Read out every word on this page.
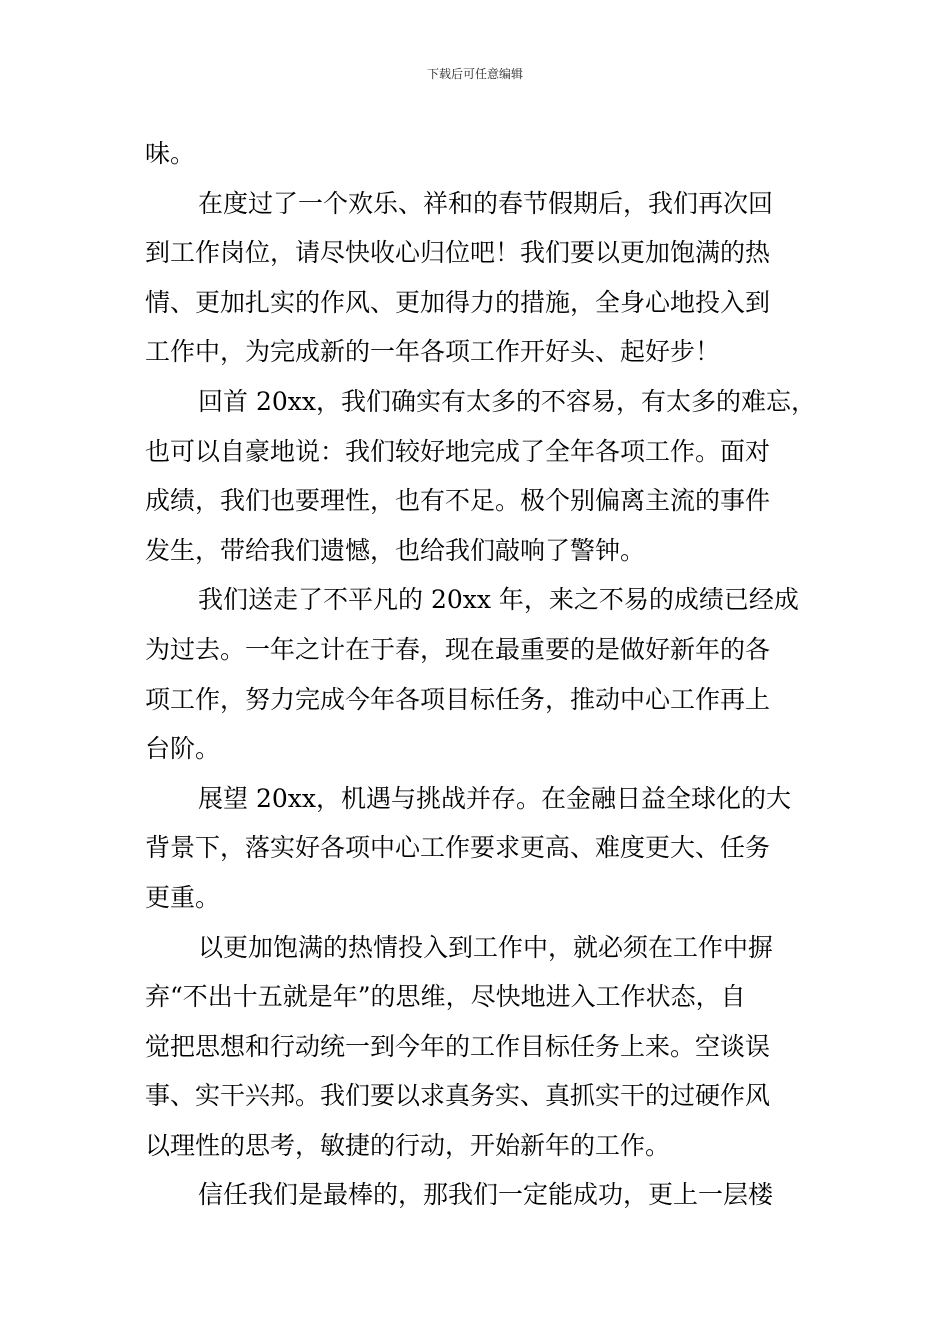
下载后可任意编辑
味。
在度过了一个欢乐、祥和的春节假期后，我们再次回
到工作岗位，请尽快收心归位吧！我们要以更加饱满的热
情、更加扎实的作风、更加得力的措施，全身心地投入到
工作中，为完成新的一年各项工作开好头、起好步！
回首 20xx，我们确实有太多的不容易，有太多的难忘，
也可以自豪地说：我们较好地完成了全年各项工作。面对
成绩，我们也要理性，也有不足。极个别偏离主流的事件
发生，带给我们遗憾，也给我们敲响了警钟。
我们送走了不平凡的 20xx 年，来之不易的成绩已经成
为过去。一年之计在于春，现在最重要的是做好新年的各
项工作，努力完成今年各项目标任务，推动中心工作再上
台阶。
展望 20xx，机遇与挑战并存。在金融日益全球化的大
背景下，落实好各项中心工作要求更高、难度更大、任务
更重。
以更加饱满的热情投入到工作中，就必须在工作中摒
弃“不出十五就是年”的思维，尽快地进入工作状态，自
觉把思想和行动统一到今年的工作目标任务上来。空谈误
事、实干兴邦。我们要以求真务实、真抓实干的过硬作风
以理性的思考，敏捷的行动，开始新年的工作。
信任我们是最棒的，那我们一定能成功，更上一层楼
